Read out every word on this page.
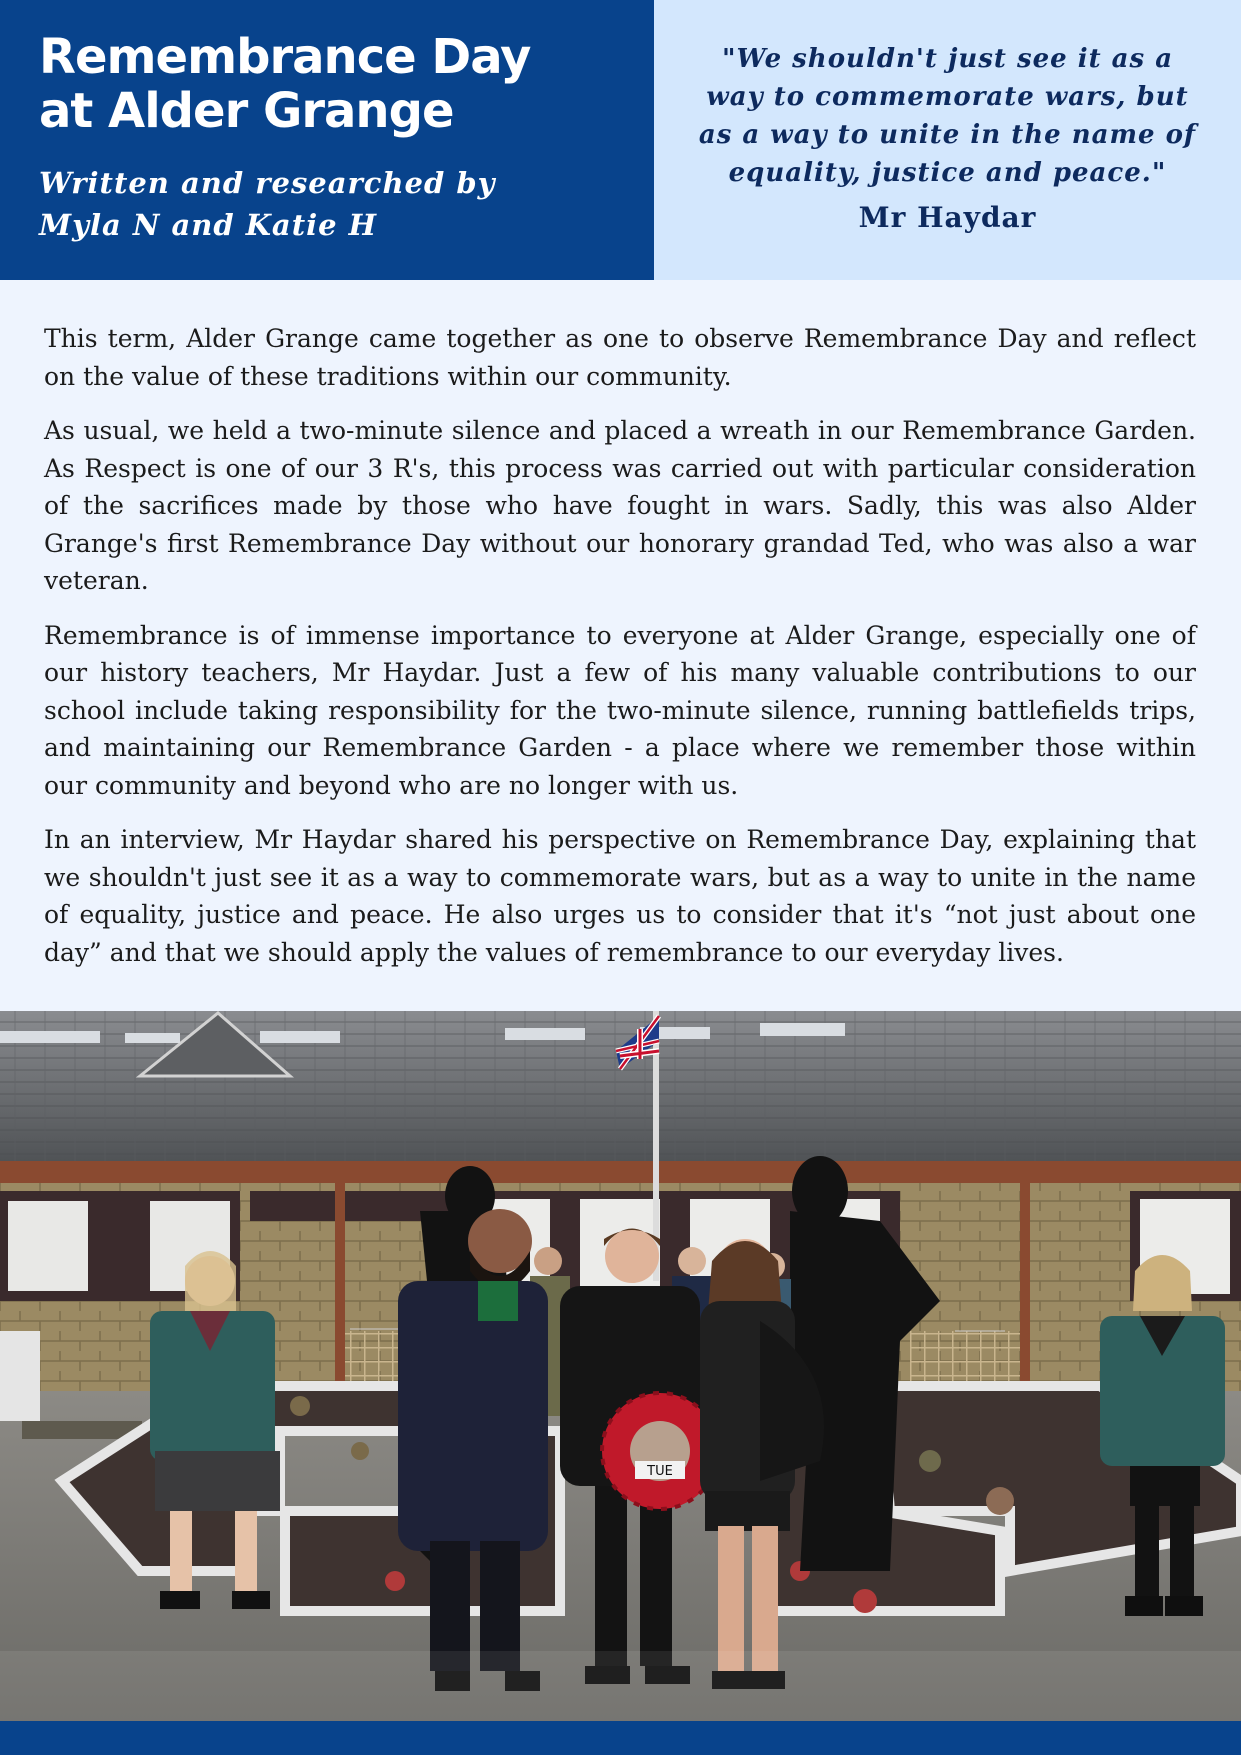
Remembrance Day
at Alder Grange
Written and researched by
Myla N and Katie H
"We shouldn't just see it as a way to commemorate wars, but as a way to unite in the name of equality, justice and peace."
Mr Haydar

This term, Alder Grange came together as one to observe Remembrance Day and reflect on the value of these traditions within our community.

As usual, we held a two-minute silence and placed a wreath in our Remembrance Garden. As Respect is one of our 3 R's, this process was carried out with particular consideration of the sacrifices made by those who have fought in wars. Sadly, this was also Alder Grange's first Remembrance Day without our honorary grandad Ted, who was also a war veteran.

Remembrance is of immense importance to everyone at Alder Grange, especially one of our history teachers, Mr Haydar. Just a few of his many valuable contributions to our school include taking responsibility for the two-minute silence, running battlefields trips, and maintaining our Remembrance Garden - a place where we remember those within our community and beyond who are no longer with us.

In an interview, Mr Haydar shared his perspective on Remembrance Day, explaining that we shouldn't just see it as a way to commemorate wars, but as a way to unite in the name of equality, justice and peace. He also urges us to consider that it's “not just about one day” and that we should apply the values of remembrance to our everyday lives.

TUE
